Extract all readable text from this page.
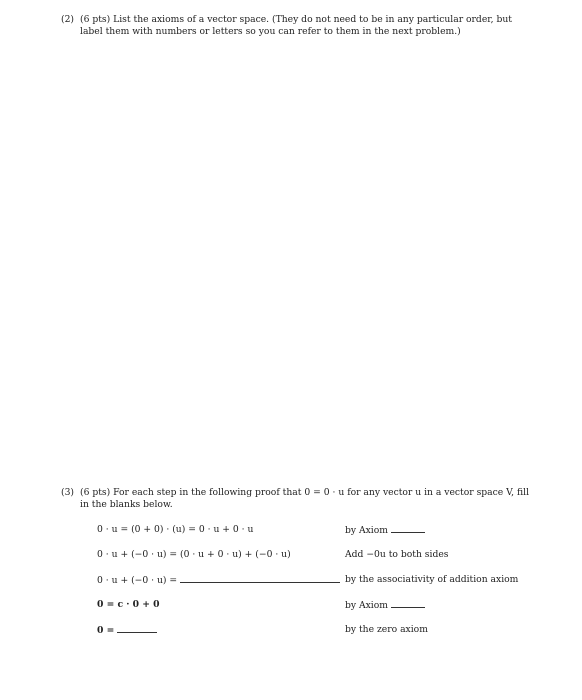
(2) (6 pts) List the axioms of a vector space. (They do not need to be in any particular order, but label them with numbers or letters so you can refer to them in the next problem.)
(3) (6 pts) For each step in the following proof that 0 = 0 · u for any vector u in a vector space V, fill in the blanks below.
0 · u = (0 + 0) · (u) = 0 · u + 0 · u	by Axiom
0 · u + (−0 · u) = (0 · u + 0 · u) + (−0 · u)	Add −0u to both sides
0 · u + (−0 · u) =	by the associativity of addition axiom
0 = c · 0 + 0	by Axiom
0 =	by the zero axiom
